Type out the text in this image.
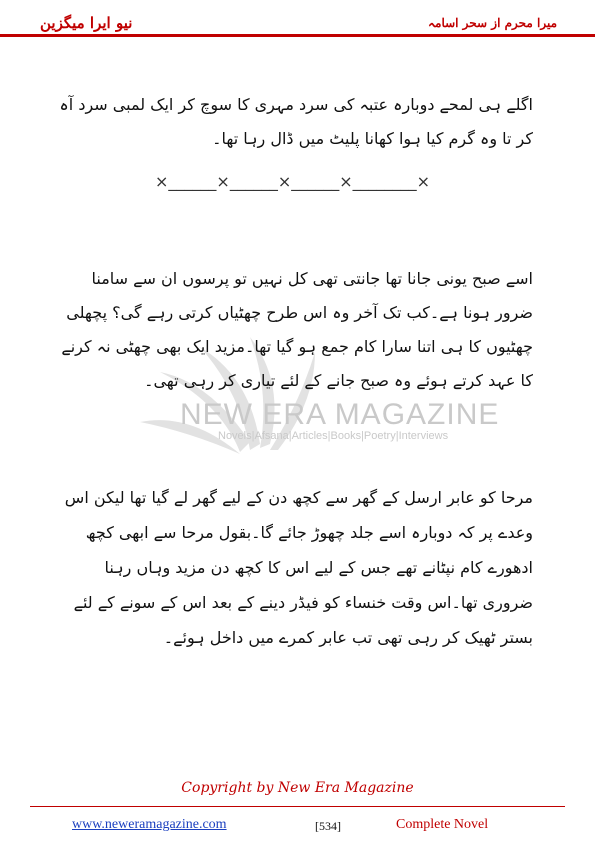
نیو ایرا میگزین	میرا محرم از سحر اسامہ
اگلے ہی لمحے دوبارہ عتبہ کی سرد مہری کا سوچ کر ایک لمبی سرد آہ کر تا وہ گرم کیا ہوا کھانا پلیٹ میں ڈال رہا تھا۔
×______×______×______×________×
NEW ERA MAGAZINE
Novels|Afsana|Articles|Books|Poetry|Interviews
اسے صبح یونی جانا تھا جانتی تھی کل نہیں تو پرسوں ان سے سامنا ضرور ہونا ہے۔کب تک آخر وہ اس طرح چھٹیاں کرتی رہے گی؟ پچھلی چھٹیوں کا ہی اتنا سارا کام جمع ہو گیا تھا۔مزید ایک بھی چھٹی نہ کرنے کا عہد کرتے ہوئے وہ صبح جانے کے لئے تیاری کر رہی تھی۔
مرحا کو عابر ارسل کے گھر سے کچھ دن کے لیے گھر لے گیا تھا لیکن اس وعدے پر کہ دوبارہ اسے جلد چھوڑ جائے گا۔بقول مرحا سے ابھی کچھ ادھورے کام نپٹانے تھے جس کے لیے اس کا کچھ دن مزید وہاں رہنا ضروری تھا۔اس وقت خنساء کو فیڈر دینے کے بعد اس کے سونے کے لئے بستر ٹھیک کر رہی تھی تب عابر کمرے میں داخل ہوئے۔
Copyright by New Era Magazine
www.neweramagazine.com	[534]	Complete Novel
